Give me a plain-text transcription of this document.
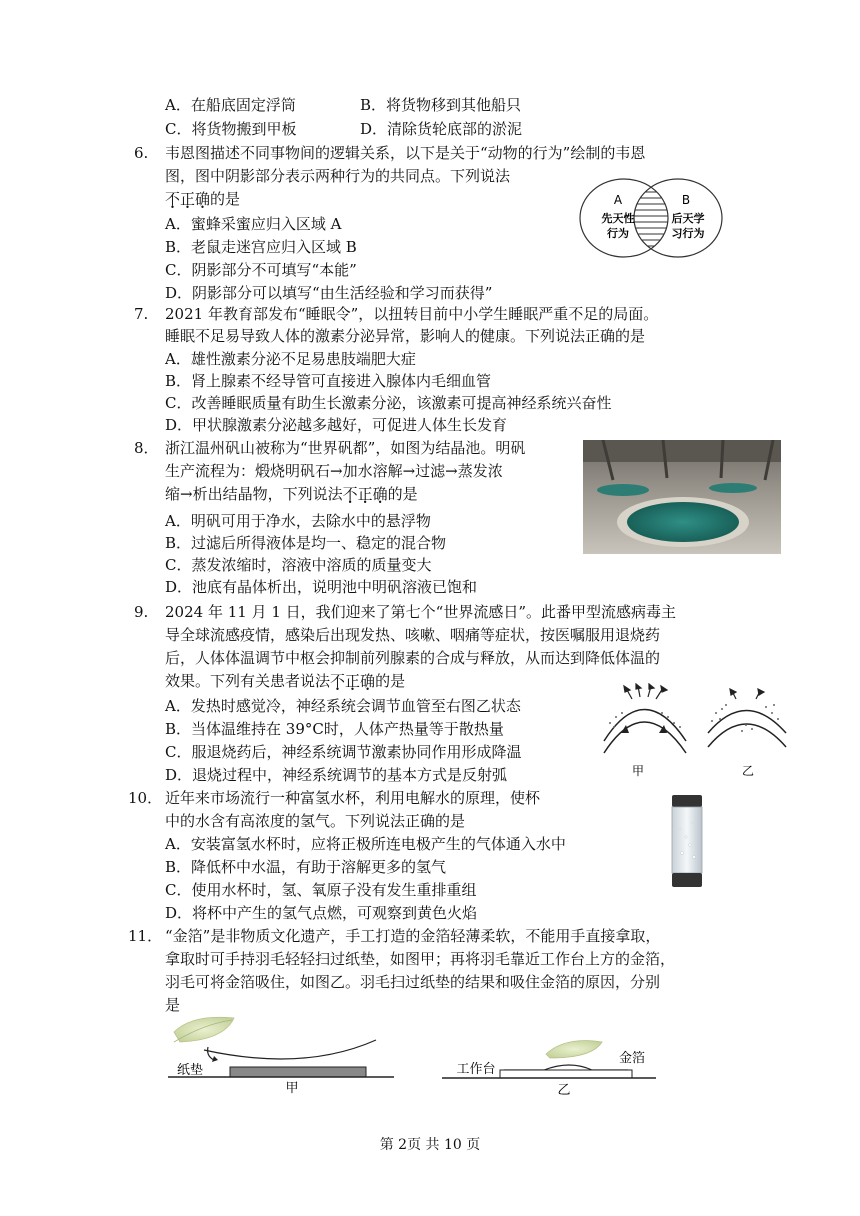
A．在船底固定浮筒	B．将货物移到其他船只
C．将货物搬到甲板	D．清除货轮底部的淤泥
6. 韦恩图描述不同事物间的逻辑关系，以下是关于“动物的行为”绘制的韦恩
图，图中阴影部分表示两种行为的共同点。下列说法
不正确的是
A．蜜蜂采蜜应归入区域 A
B．老鼠走迷宫应归入区域 B
C．阴影部分不可填写“本能”
D．阴影部分可以填写“由生活经验和学习而获得”
A
先天性
行为
B
后天学
习行为
7. 2021 年教育部发布“睡眠令”，以扭转目前中小学生睡眠严重不足的局面。
睡眠不足易导致人体的激素分泌异常，影响人的健康。下列说法正确的是
A．雄性激素分泌不足易患肢端肥大症
B．肾上腺素不经导管可直接进入腺体内毛细血管
C．改善睡眠质量有助生长激素分泌，该激素可提高神经系统兴奋性
D．甲状腺激素分泌越多越好，可促进人体生长发育
8． 浙江温州矾山被称为“世界矾都”，如图为结晶池。明矾
生产流程为：煅烧明矾石→加水溶解→过滤→蒸发浓
缩→析出结晶物，下列说法不正确的是
A．明矾可用于净水，去除水中的悬浮物
B．过滤后所得液体是均一、稳定的混合物
C．蒸发浓缩时，溶液中溶质的质量变大
D．池底有晶体析出，说明池中明矾溶液已饱和
9. 2024 年 11 月 1 日，我们迎来了第七个“世界流感日”。此番甲型流感病毒主
导全球流感疫情，感染后出现发热、咳嗽、咽痛等症状，按医嘱服用退烧药
后，人体体温调节中枢会抑制前列腺素的合成与释放，从而达到降低体温的
效果。下列有关患者说法不正确的是
A．发热时感觉冷，神经系统会调节血管至右图乙状态
B．当体温维持在 39°C时，人体产热量等于散热量
C．服退烧药后，神经系统调节激素协同作用形成降温
D．退烧过程中，神经系统调节的基本方式是反射弧	甲	乙
10． 近年来市场流行一种富氢水杯，利用电解水的原理，使杯
中的水含有高浓度的氢气。下列说法正确的是
A．安装富氢水杯时，应将正极所连电极产生的气体通入水中
B．降低杯中水温，有助于溶解更多的氢气
C．使用水杯时，氢、氧原子没有发生重排重组
D．将杯中产生的氢气点燃，可观察到黄色火焰
11． “金箔”是非物质文化遗产，手工打造的金箔轻薄柔软，不能用手直接拿取，
拿取时可手持羽毛轻轻扫过纸垫，如图甲；再将羽毛靠近工作台上方的金箔，
羽毛可将金箔吸住，如图乙。羽毛扫过纸垫的结果和吸住金箔的原因，分别
是
纸垫
甲
工作台
金箔
乙
第 2页 共 10 页
